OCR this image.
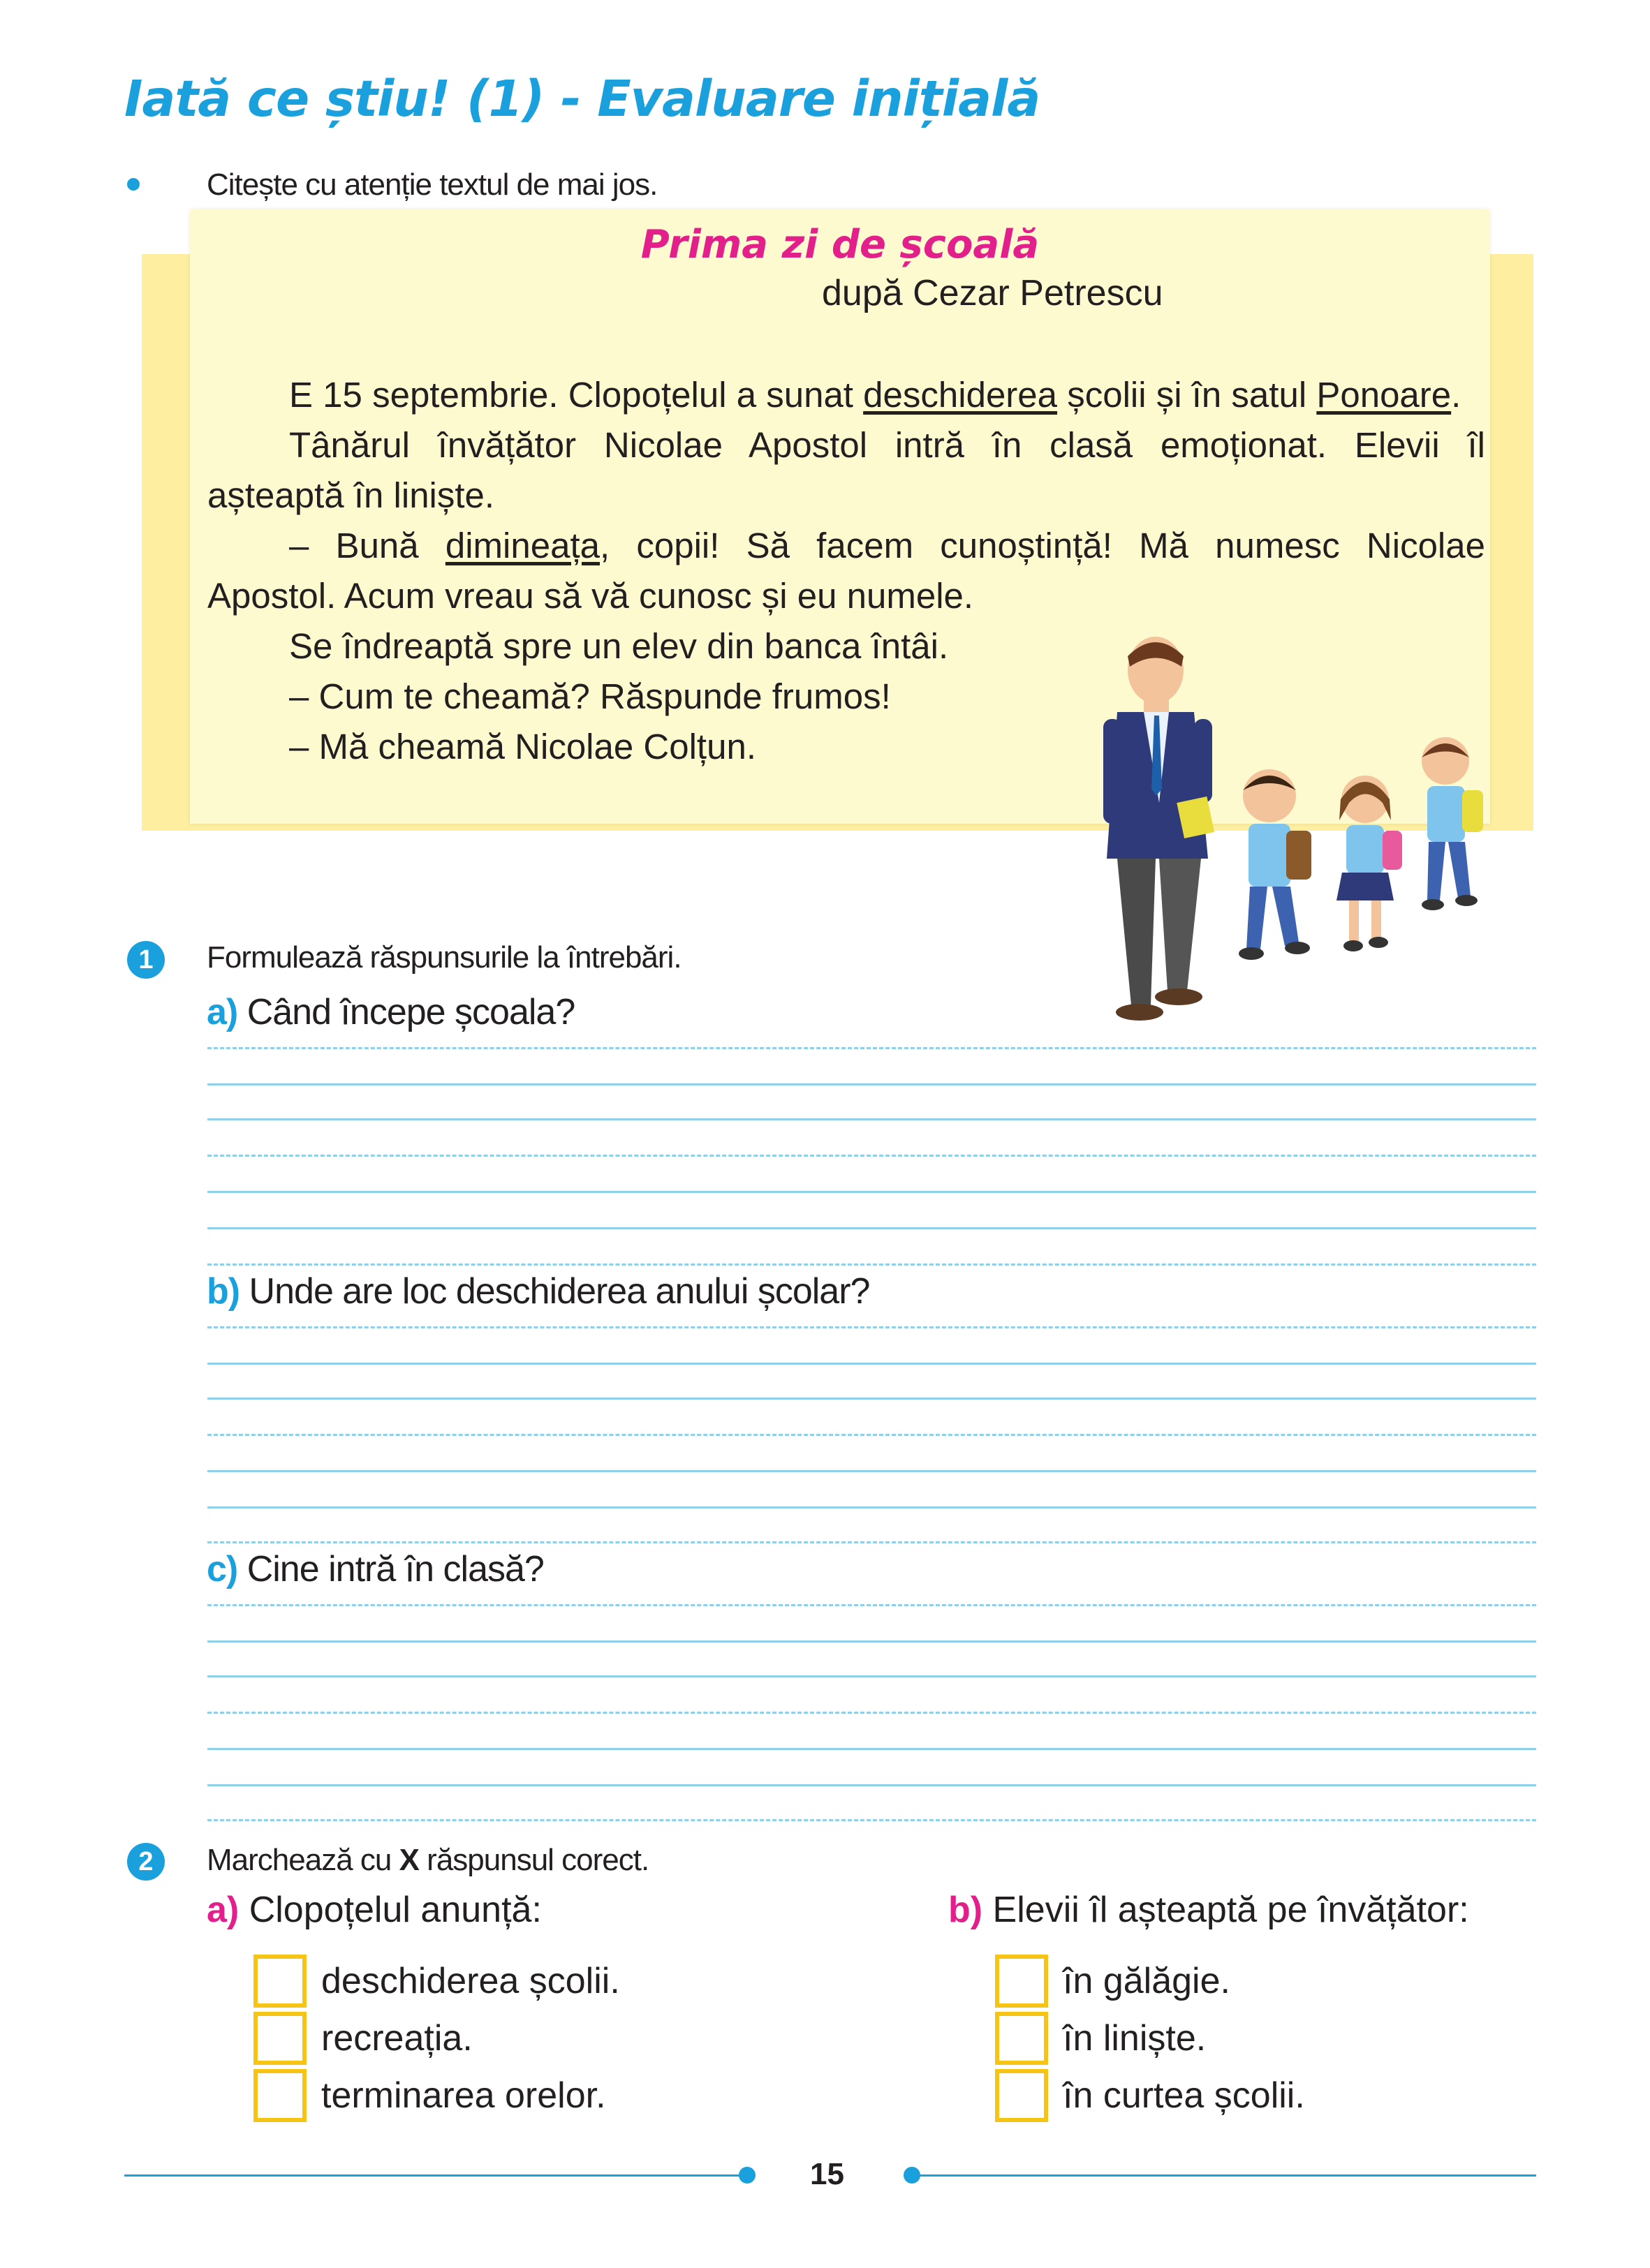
Iată ce știu! (1) - Evaluare inițială
Citește cu atenție textul de mai jos.
Prima zi de școală
după Cezar Petrescu
E 15 septembrie. Clopoțelul a sunat deschiderea școlii și în satul Ponoare.
Tânărul învățător Nicolae Apostol intră în clasă emoționat. Elevii îl
așteaptă în liniște.
– Bună dimineața, copii! Să facem cunoștință! Mă numesc Nicolae
Apostol. Acum vreau să vă cunosc și eu numele.
Se îndreaptă spre un elev din banca întâi.
– Cum te cheamă? Răspunde frumos!
– Mă cheamă Nicolae Colțun.
1	Formulează răspunsurile la întrebări.
a) Când începe școala?
b) Unde are loc deschiderea anului școlar?
c) Cine intră în clasă?
2	Marchează cu X răspunsul corect.
a) Clopoțelul anunță:	b) Elevii îl așteaptă pe învățător:
deschiderea școlii.
recreația.
terminarea orelor.
în gălăgie.
în liniște.
în curtea școlii.
15
